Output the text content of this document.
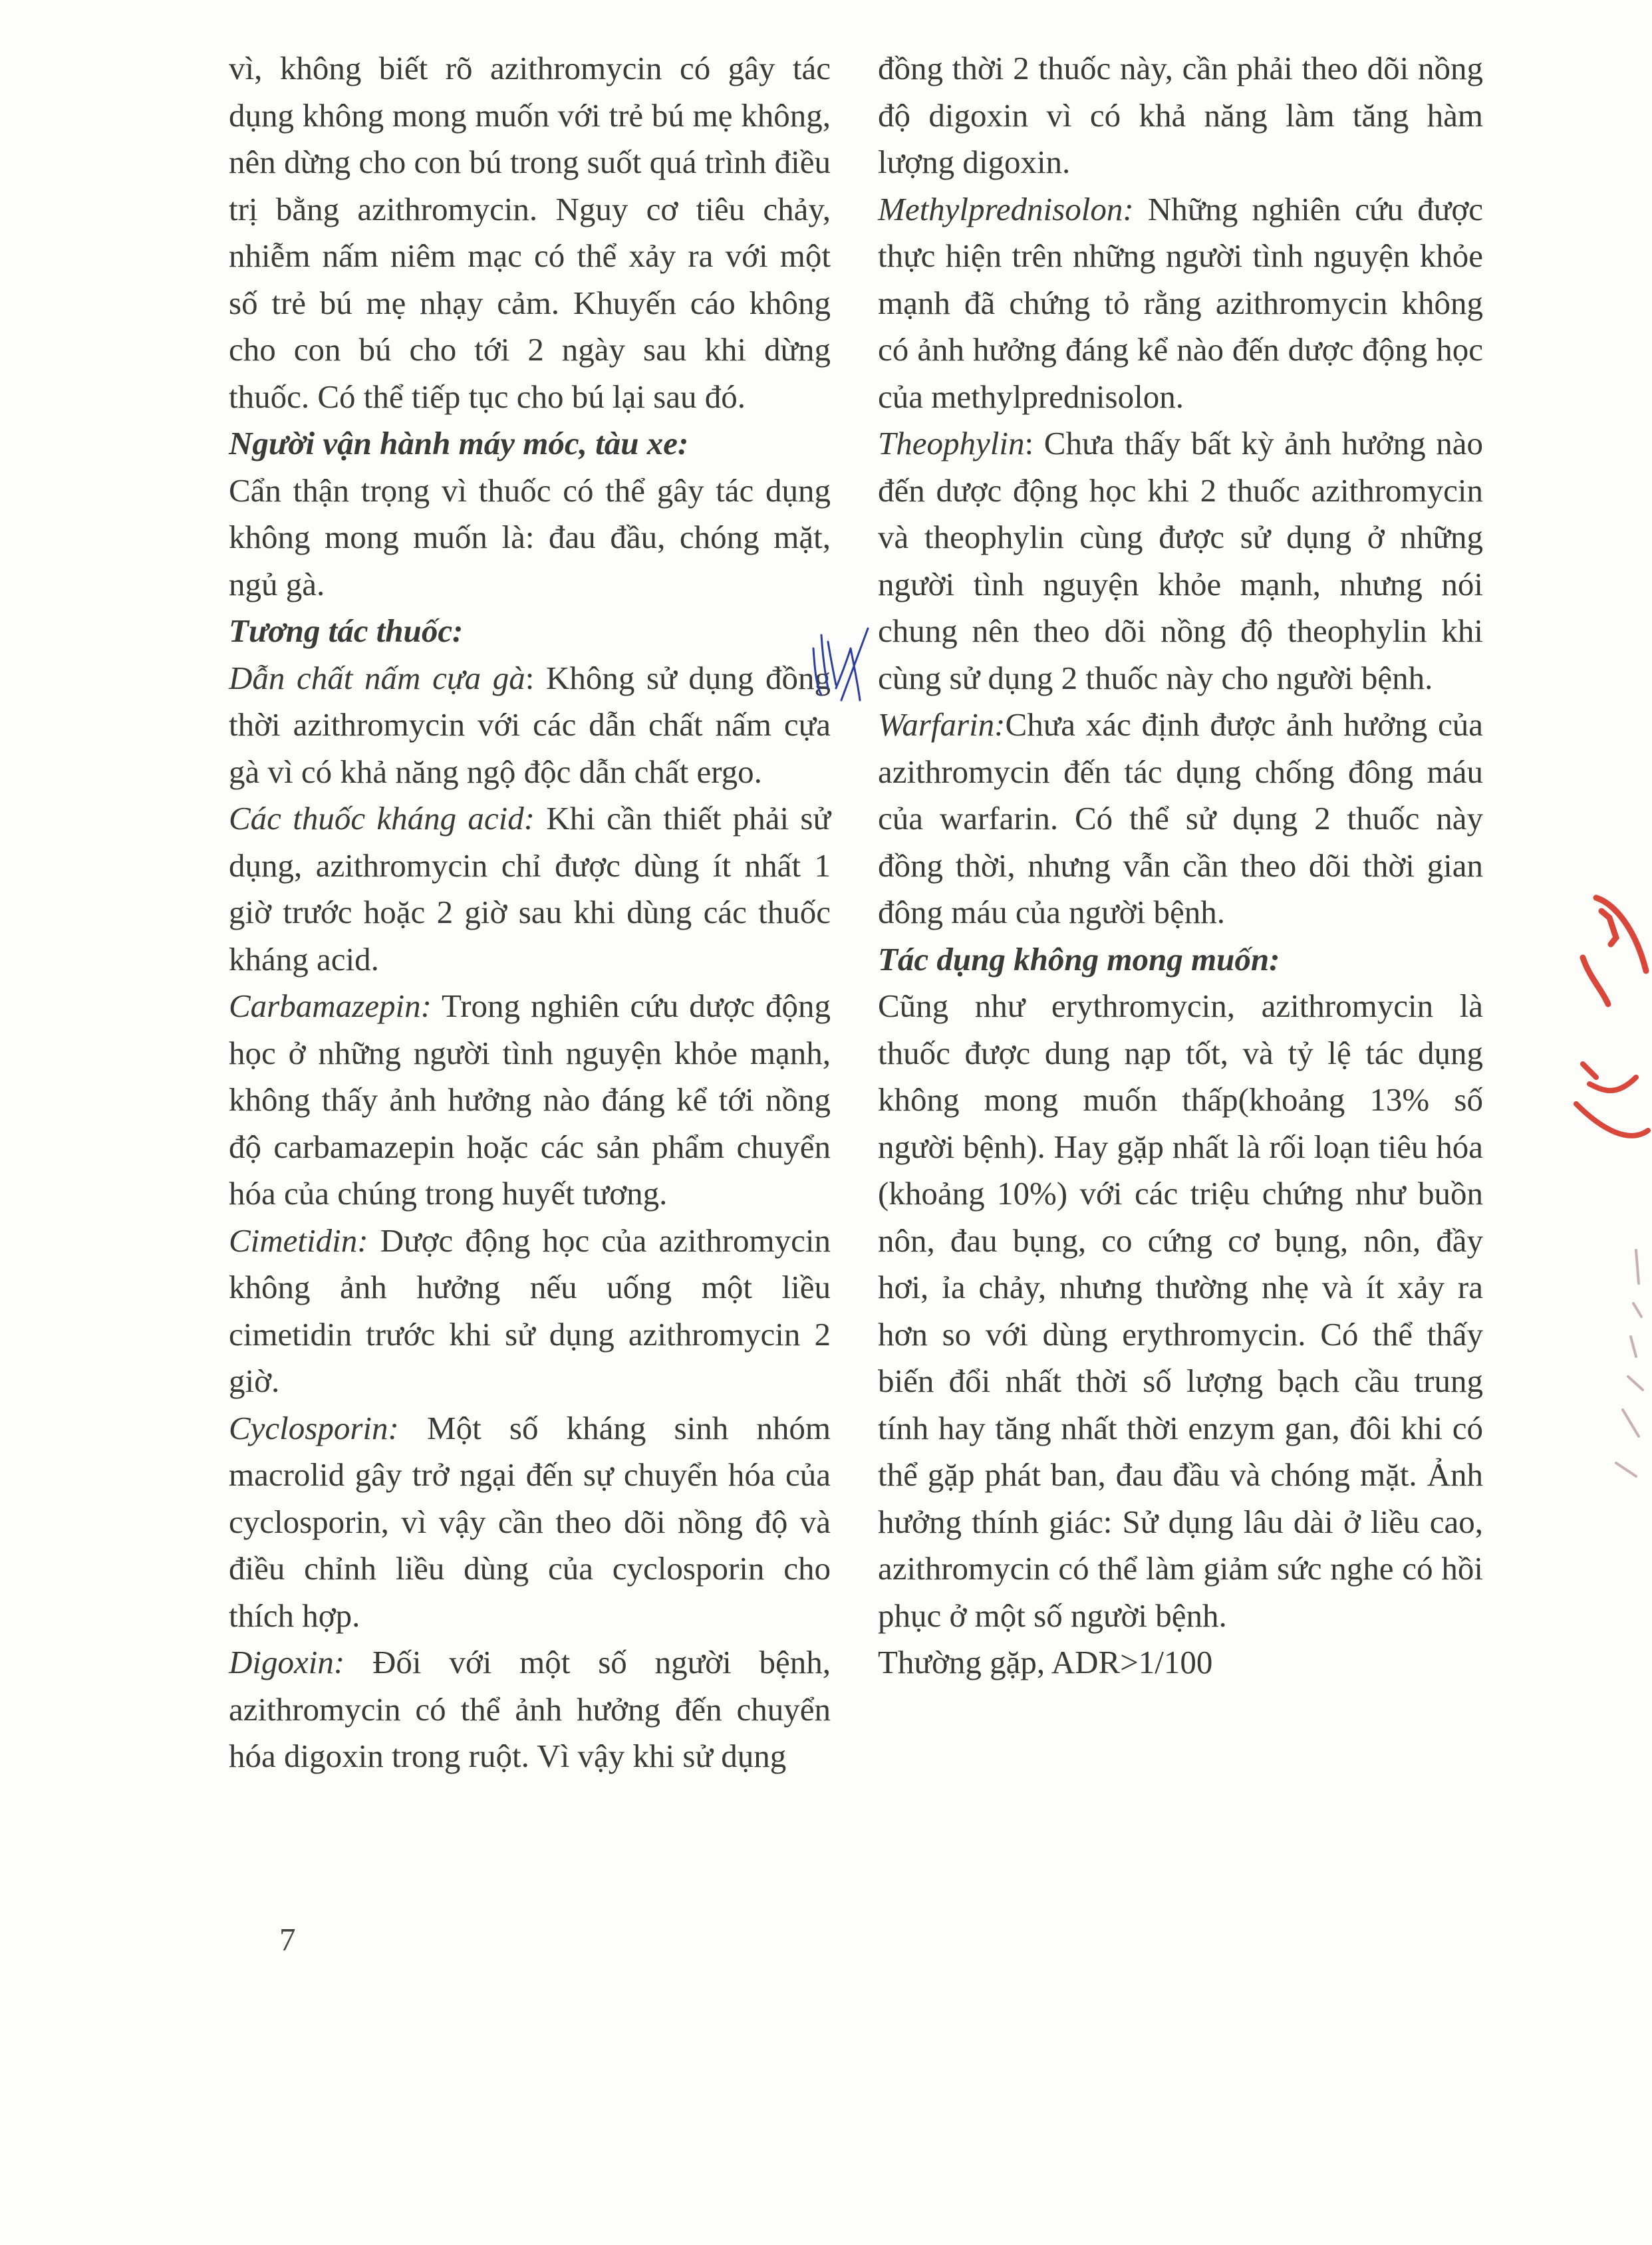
vì, không biết rõ azithromycin có gây tác dụng không mong muốn với trẻ bú mẹ không, nên dừng cho con bú trong suốt quá trình điều trị bằng azithromycin. Nguy cơ tiêu chảy, nhiễm nấm niêm mạc có thể xảy ra với một số trẻ bú mẹ nhạy cảm. Khuyến cáo không cho con bú cho tới 2 ngày sau khi dừng thuốc. Có thể tiếp tục cho bú lại sau đó.

Người vận hành máy móc, tàu xe:

Cẩn thận trọng vì thuốc có thể gây tác dụng không mong muốn là: đau đầu, chóng mặt, ngủ gà.

Tương tác thuốc:

Dẫn chất nấm cựa gà: Không sử dụng đồng thời azithromycin với các dẫn chất nấm cựa gà vì có khả năng ngộ độc dẫn chất ergo.

Các thuốc kháng acid: Khi cần thiết phải sử dụng, azithromycin chỉ được dùng ít nhất 1 giờ trước hoặc 2 giờ sau khi dùng các thuốc kháng acid.

Carbamazepin: Trong nghiên cứu dược động học ở những người tình nguyện khỏe mạnh, không thấy ảnh hưởng nào đáng kể tới nồng độ carbamazepin hoặc các sản phẩm chuyển hóa của chúng trong huyết tương.

Cimetidin: Dược động học của azithromycin không ảnh hưởng nếu uống một liều cimetidin trước khi sử dụng azithromycin 2 giờ.

Cyclosporin: Một số kháng sinh nhóm macrolid gây trở ngại đến sự chuyển hóa của cyclosporin, vì vậy cần theo dõi nồng độ và điều chỉnh liều dùng của cyclosporin cho thích hợp.

Digoxin: Đối với một số người bệnh, azithromycin có thể ảnh hưởng đến chuyển hóa digoxin trong ruột. Vì vậy khi sử dụng

đồng thời 2 thuốc này, cần phải theo dõi nồng độ digoxin vì có khả năng làm tăng hàm lượng digoxin.

Methylprednisolon: Những nghiên cứu được thực hiện trên những người tình nguyện khỏe mạnh đã chứng tỏ rằng azithromycin không có ảnh hưởng đáng kể nào đến dược động học của methylprednisolon.

Theophylin: Chưa thấy bất kỳ ảnh hưởng nào đến dược động học khi 2 thuốc azithromycin và theophylin cùng được sử dụng ở những người tình nguyện khỏe mạnh, nhưng nói chung nên theo dõi nồng độ theophylin khi cùng sử dụng 2 thuốc này cho người bệnh.

Warfarin:Chưa xác định được ảnh hưởng của azithromycin đến tác dụng chống đông máu của warfarin. Có thể sử dụng 2 thuốc này đồng thời, nhưng vẫn cần theo dõi thời gian đông máu của người bệnh.

Tác dụng không mong muốn:

Cũng như erythromycin, azithromycin là thuốc được dung nạp tốt, và tỷ lệ tác dụng không mong muốn thấp(khoảng 13% số người bệnh). Hay gặp nhất là rối loạn tiêu hóa (khoảng 10%) với các triệu chứng như buồn nôn, đau bụng, co cứng cơ bụng, nôn, đầy hơi, ỉa chảy, nhưng thường nhẹ và ít xảy ra hơn so với dùng erythromycin. Có thể thấy biến đổi nhất thời số lượng bạch cầu trung tính hay tăng nhất thời enzym gan, đôi khi có thể gặp phát ban, đau đầu và chóng mặt. Ảnh hưởng thính giác: Sử dụng lâu dài ở liều cao, azithromycin có thể làm giảm sức nghe có hồi phục ở một số người bệnh.

Thường gặp, ADR>1/100

7
